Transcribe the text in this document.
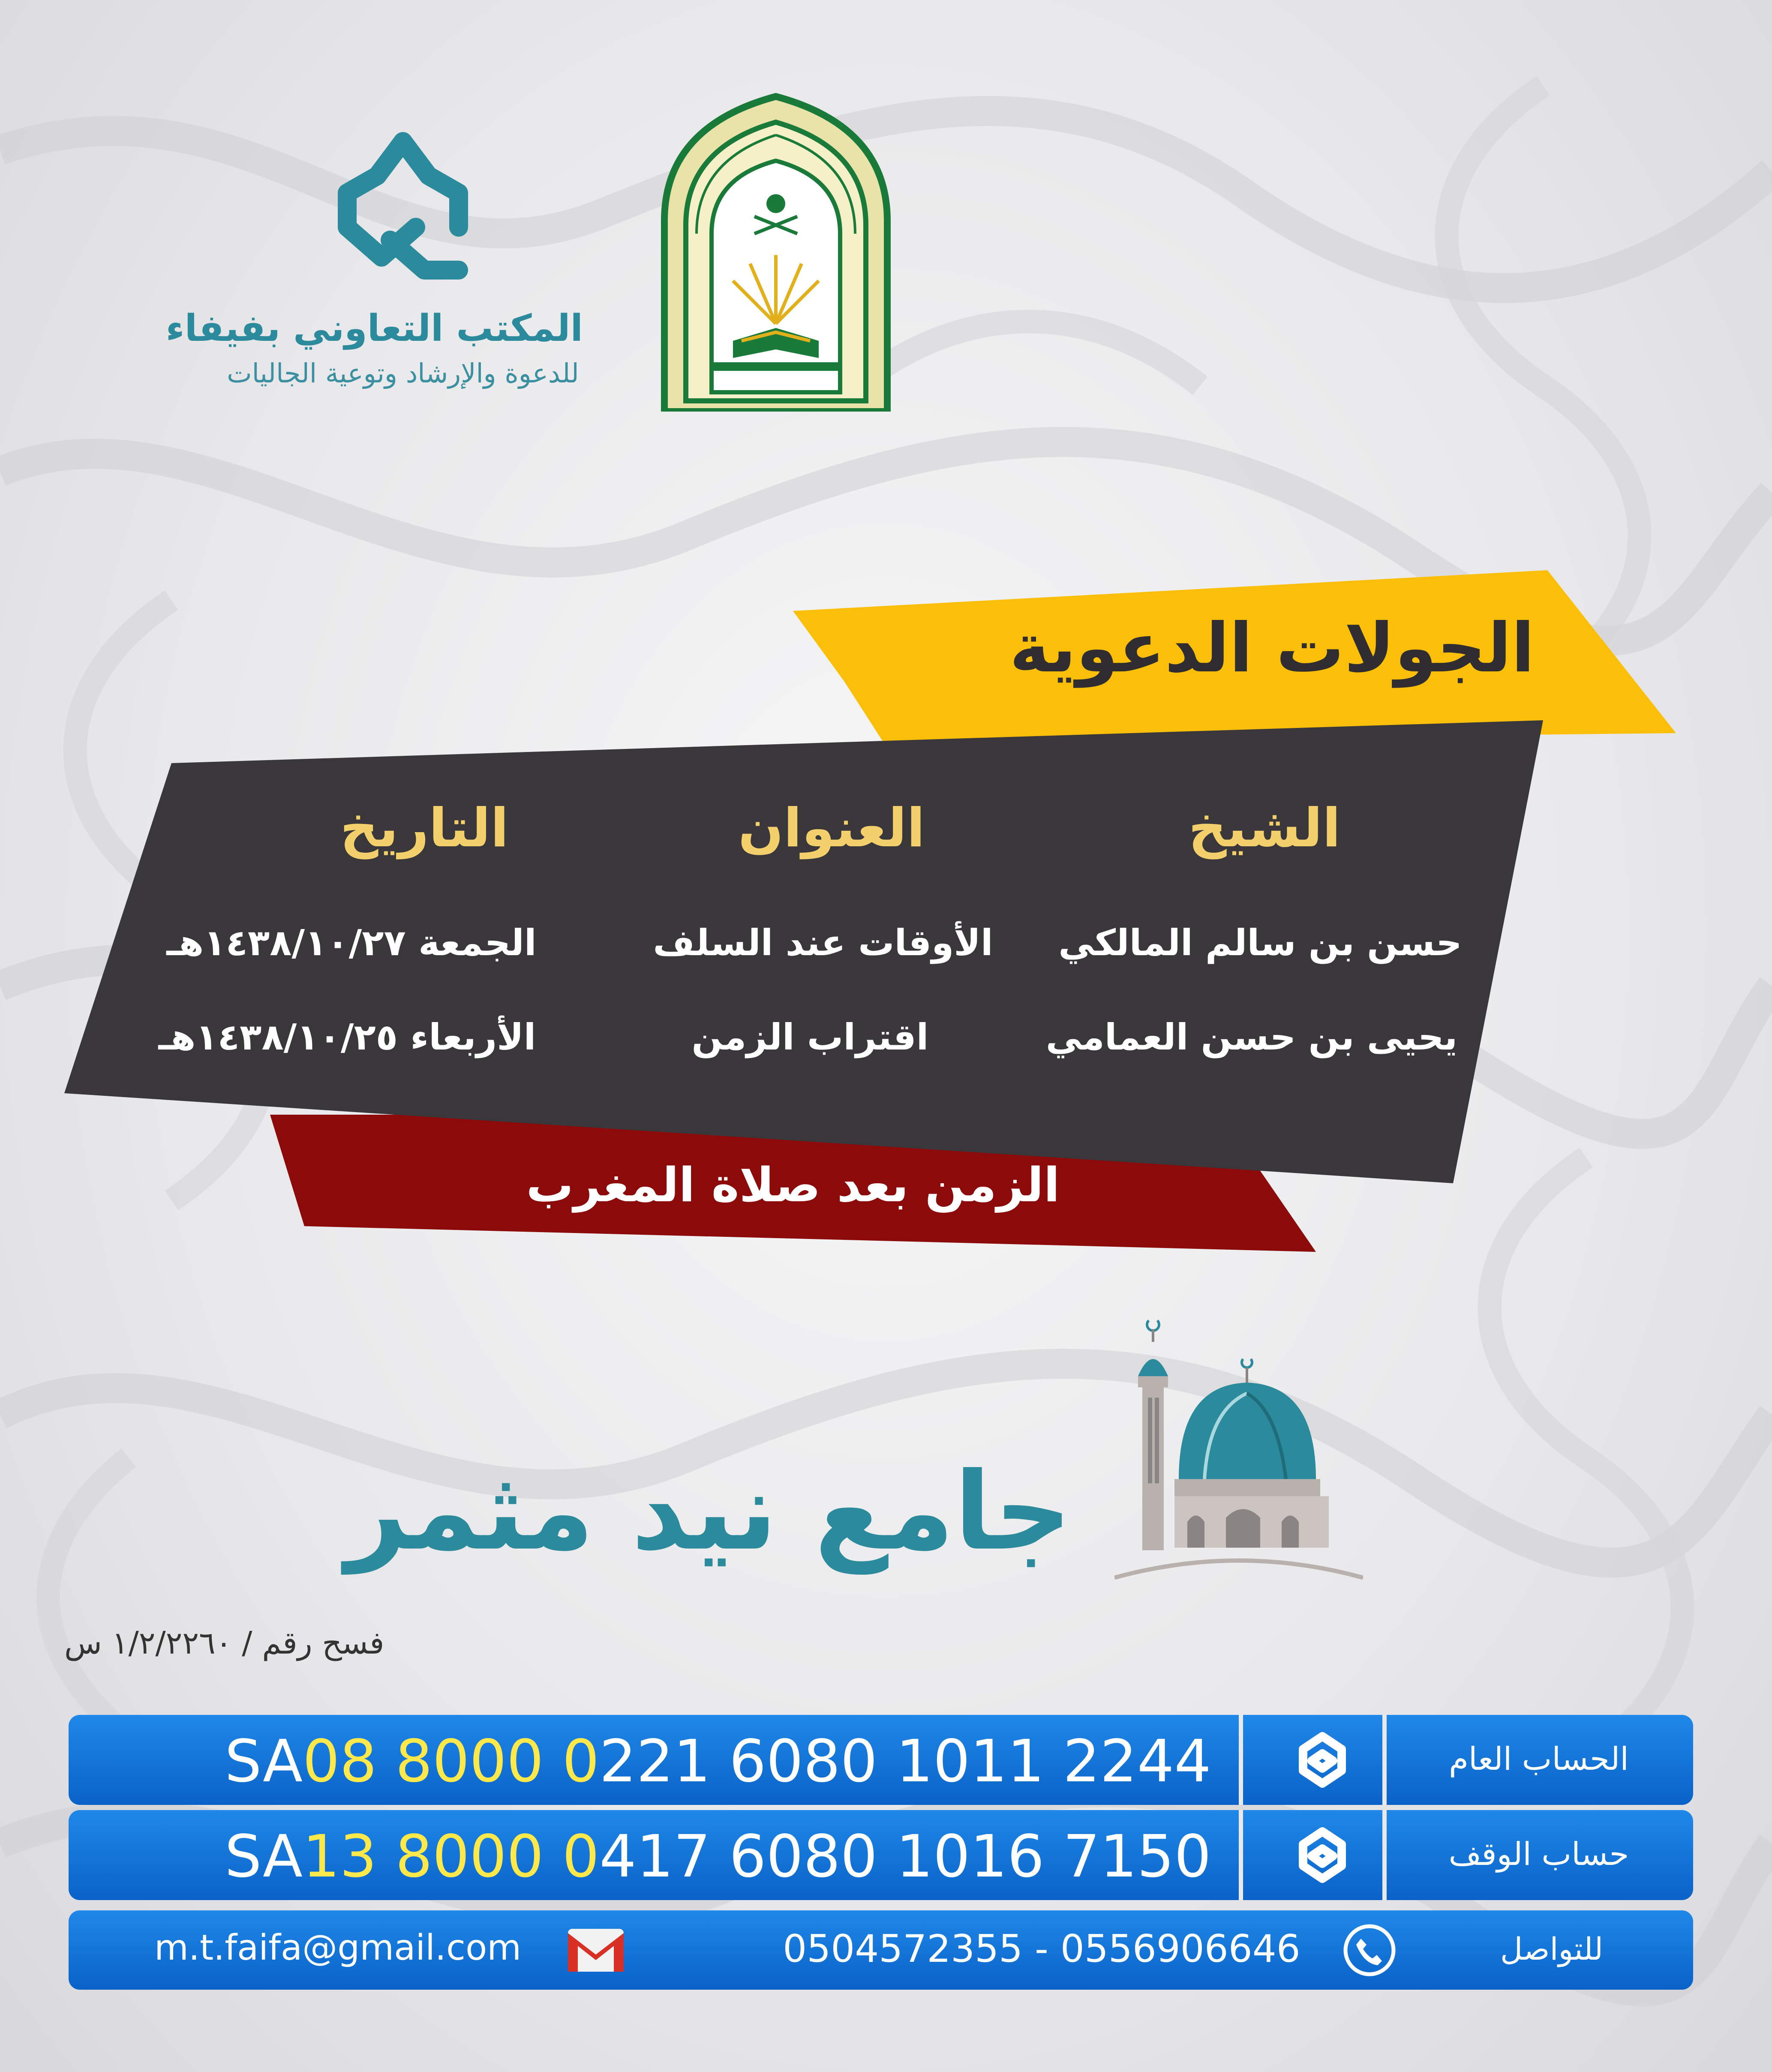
المكتب التعاوني بفيفاء
للدعوة والإرشاد وتوعية الجاليات
الجولات الدعوية
الشيخ
العنوان
التاريخ
حسن بن سالم المالكي
الأوقات عند السلف
الجمعة ١٤٣٨/١٠/٢٧هـ
يحيى بن حسن العمامي
اقتراب الزمن
الأربعاء ١٤٣٨/١٠/٢٥هـ
الزمن بعد صلاة المغرب
جامع نيد مثمر
فسح رقم / ١/٢/٢٢٦٠ س
الحساب العام
SA08 8000 0221 6080 1011 2244
حساب الوقف
SA13 8000 0417 6080 1016 7150
للتواصل
0504572355 - 0556906646
m.t.faifa@gmail.com
